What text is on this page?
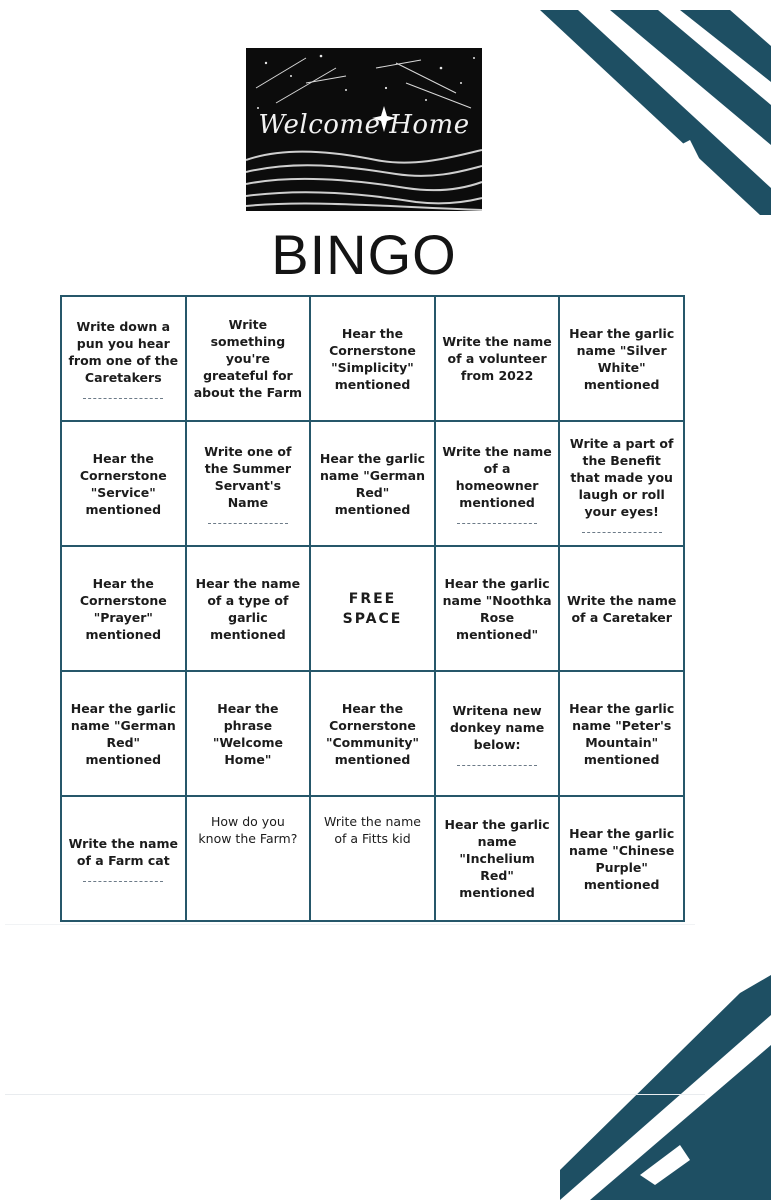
Welcome Home
BINGO
Write down a pun you hear from one of the Caretakers
Write something you're greateful for about the Farm
Hear the Cornerstone "Simplicity" mentioned
Write the name of a volunteer from 2022
Hear the garlic name "Silver White" mentioned
Hear the Cornerstone "Service" mentioned
Write one of the Summer Servant's Name
Hear the garlic name "German Red" mentioned
Write the name of a homeowner mentioned
Write a part of the Benefit that made you laugh or roll your eyes!
Hear the Cornerstone "Prayer" mentioned
Hear the name of a type of garlic mentioned
FREE SPACE
Hear the garlic name "Noothka Rose mentioned"
Write the name of a Caretaker
Hear the garlic name "German Red" mentioned
Hear the phrase "Welcome Home"
Hear the Cornerstone "Community" mentioned
Writena new donkey name below:
Hear the garlic name "Peter's Mountain" mentioned
Write the name of a Farm cat
How do you know the Farm?
Write the name of a Fitts kid
Hear the garlic name "Inchelium Red" mentioned
Hear the garlic name "Chinese Purple" mentioned
